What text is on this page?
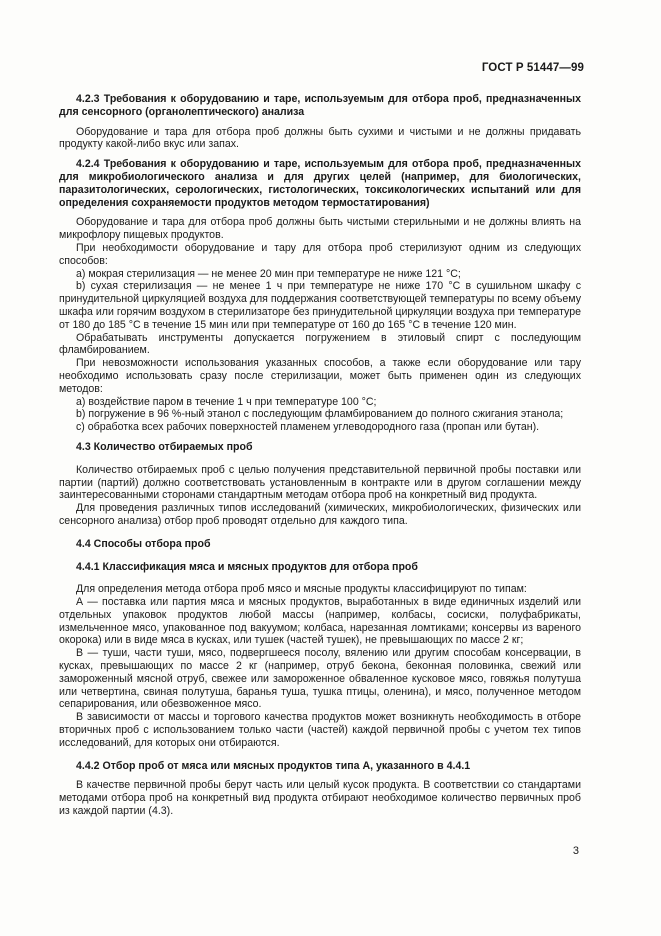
ГОСТ Р 51447—99

4.2.3 Требования к оборудованию и таре, используемым для отбора проб, предназначенных для сенсорного (органолептического) анализа

Оборудование и тара для отбора проб должны быть сухими и чистыми и не должны придавать продукту какой-либо вкус или запах.

4.2.4 Требования к оборудованию и таре, используемым для отбора проб, предназначенных для микробиологического анализа и для других целей (например, для биологических, паразитологических, серологических, гистологических, токсикологических испытаний или для определения сохраняемости продуктов методом термостатирования)

Оборудование и тара для отбора проб должны быть чистыми стерильными и не должны влиять на микрофлору пищевых продуктов.

При необходимости оборудование и тару для отбора проб стерилизуют одним из следующих способов:

а) мокрая стерилизация — не менее 20 мин при температуре не ниже 121 °С;

b) сухая стерилизация — не менее 1 ч при температуре не ниже 170 °С в сушильном шкафу с принудительной циркуляцией воздуха для поддержания соответствующей температуры по всему объему шкафа или горячим воздухом в стерилизаторе без принудительной циркуляции воздуха при температуре от 180 до 185 °С в течение 15 мин или при температуре от 160 до 165 °С в течение 120 мин.

Обрабатывать инструменты допускается погружением в этиловый спирт с последующим фламбированием.

При невозможности использования указанных способов, а также если оборудование или тару необходимо использовать сразу после стерилизации, может быть применен один из следующих методов:

а) воздействие паром в течение 1 ч при температуре 100 °С;

b) погружение в 96 %-ный этанол с последующим фламбированием до полного сжигания этанола;

с) обработка всех рабочих поверхностей пламенем углеводородного газа (пропан или бутан).

4.3 Количество отбираемых проб

Количество отбираемых проб с целью получения представительной первичной пробы поставки или партии (партий) должно соответствовать установленным в контракте или в другом соглашении между заинтересованными сторонами стандартным методам отбора проб на конкретный вид продукта.

Для проведения различных типов исследований (химических, микробиологических, физических или сенсорного анализа) отбор проб проводят отдельно для каждого типа.

4.4 Способы отбора проб

4.4.1 Классификация мяса и мясных продуктов для отбора проб

Для определения метода отбора проб мясо и мясные продукты классифицируют по типам:

А — поставка или партия мяса и мясных продуктов, выработанных в виде единичных изделий или отдельных упаковок продуктов любой массы (например, колбасы, сосиски, полуфабрикаты, измельченное мясо, упакованное под вакуумом; колбаса, нарезанная ломтиками; консервы из вареного окорока) или в виде мяса в кусках, или тушек (частей тушек), не превышающих по массе 2 кг;

В — туши, части туши, мясо, подвергшееся посолу, вялению или другим способам консервации, в кусках, превышающих по массе 2 кг (например, отруб бекона, беконная половинка, свежий или замороженный мясной отруб, свежее или замороженное обваленное кусковое мясо, говяжья полутуша или четвертина, свиная полутуша, баранья туша, тушка птицы, оленина), и мясо, полученное методом сепарирования, или обезвоженное мясо.

В зависимости от массы и торгового качества продуктов может возникнуть необходимость в отборе вторичных проб с использованием только части (частей) каждой первичной пробы с учетом тех типов исследований, для которых они отбираются.

4.4.2 Отбор проб от мяса или мясных продуктов типа А, указанного в 4.4.1

В качестве первичной пробы берут часть или целый кусок продукта. В соответствии со стандартами методами отбора проб на конкретный вид продукта отбирают необходимое количество первичных проб из каждой партии (4.3).

3
